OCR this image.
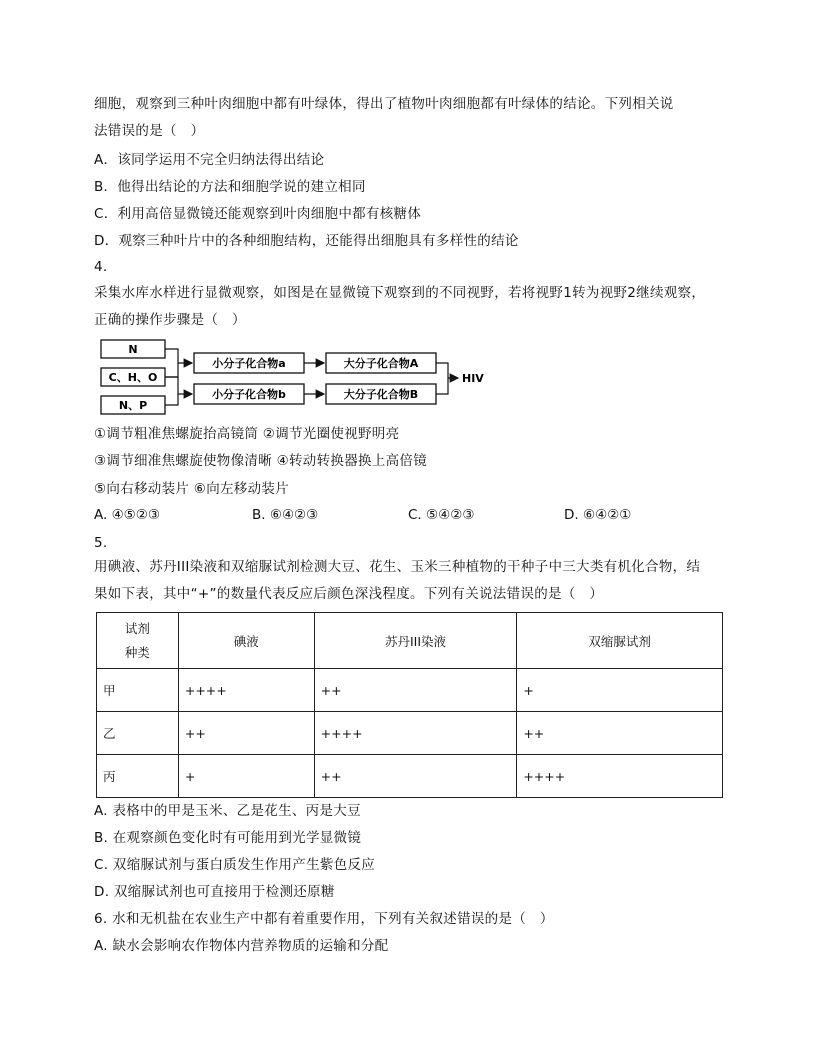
细胞，观察到三种叶肉细胞中都有叶绿体，得出了植物叶肉细胞都有叶绿体的结论。下列相关说
法错误的是（　）
A．该同学运用不完全归纳法得出结论
B．他得出结论的方法和细胞学说的建立相同
C．利用高倍显微镜还能观察到叶肉细胞中都有核糖体
D．观察三种叶片中的各种细胞结构，还能得出细胞具有多样性的结论
4.
采集水库水样进行显微观察，如图是在显微镜下观察到的不同视野，若将视野1转为视野2继续观察，
正确的操作步骤是（　）
N
C、H、O
N、P
小分子化合物a
小分子化合物b
大分子化合物A
大分子化合物B
HIV
①调节粗准焦螺旋抬高镜筒 ②调节光圈使视野明亮
③调节细准焦螺旋使物像清晰 ④转动转换器换上高倍镜
⑤向右移动装片 ⑥向左移动装片
A. ④⑤②③	B. ⑥④②③	C. ⑤④②③	D. ⑥④②①
5.
用碘液、苏丹III染液和双缩脲试剂检测大豆、花生、玉米三种植物的干种子中三大类有机化合物，结
果如下表，其中“+”的数量代表反应后颜色深浅程度。下列有关说法错误的是（　）
试剂
种类	碘液	苏丹III染液	双缩脲试剂
甲	++++	++	+
乙	++	++++	++
丙	+	++	++++
A. 表格中的甲是玉米、乙是花生、丙是大豆
B. 在观察颜色变化时有可能用到光学显微镜
C. 双缩脲试剂与蛋白质发生作用产生紫色反应
D. 双缩脲试剂也可直接用于检测还原糖
6. 水和无机盐在农业生产中都有着重要作用，下列有关叙述错误的是（　）
A. 缺水会影响农作物体内营养物质的运输和分配
